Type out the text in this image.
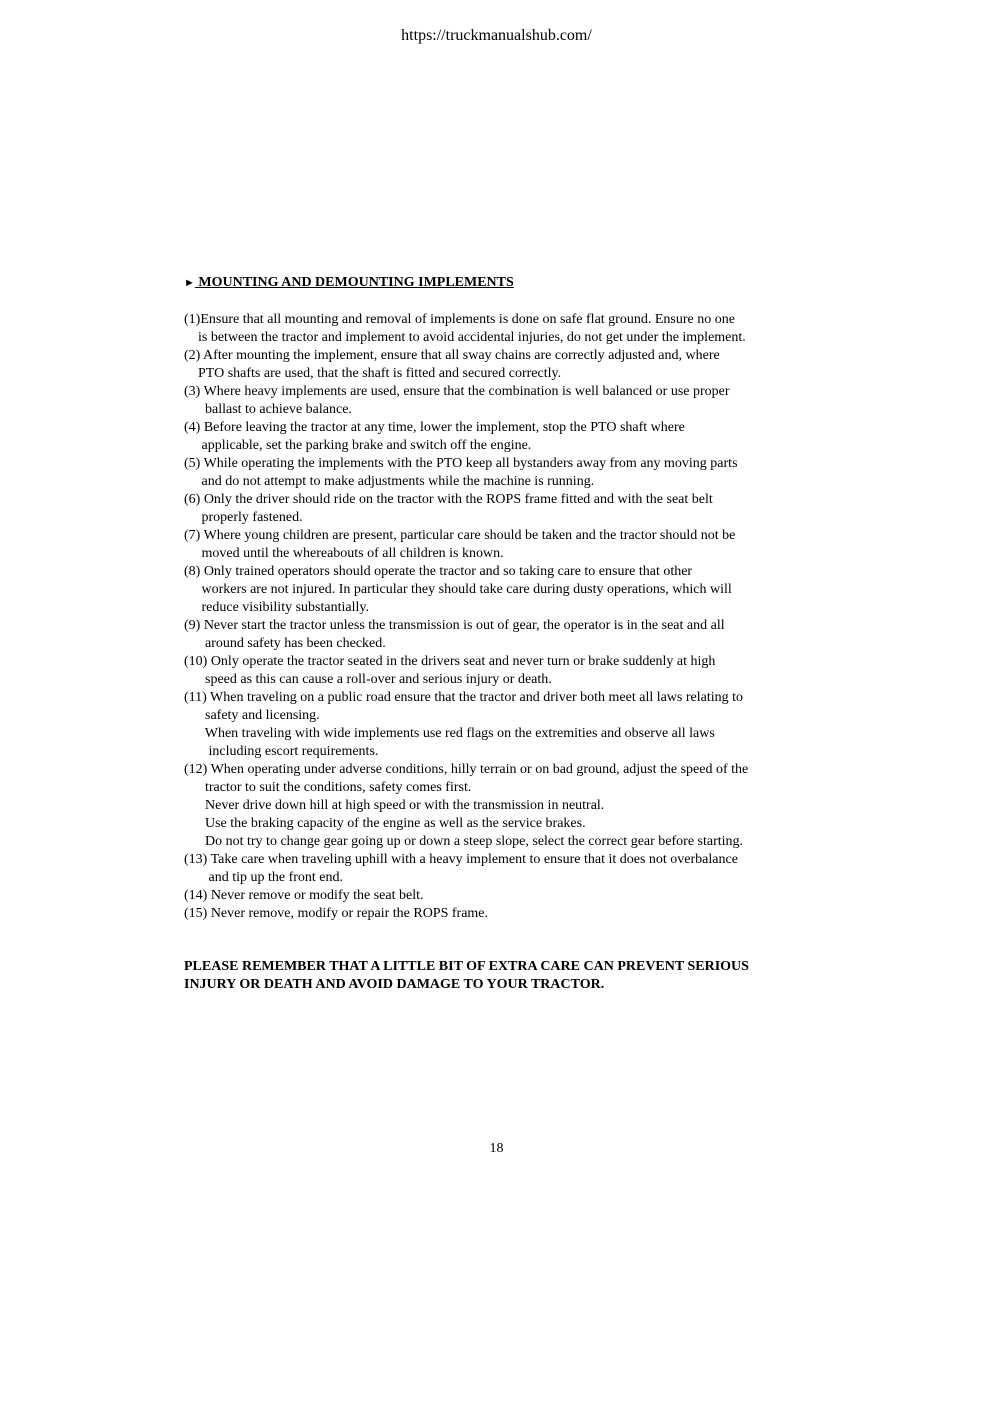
https://truckmanualshub.com/
► MOUNTING AND DEMOUNTING IMPLEMENTS
(1)Ensure that all mounting and removal of implements is done on safe flat ground. Ensure no one
is between the tractor and implement to avoid accidental injuries, do not get under the implement.
(2) After mounting the implement, ensure that all sway chains are correctly adjusted and, where
PTO shafts are used, that the shaft is fitted and secured correctly.
(3) Where heavy implements are used, ensure that the combination is well balanced or use proper
ballast to achieve balance.
(4) Before leaving the tractor at any time, lower the implement, stop the PTO shaft where
applicable, set the parking brake and switch off the engine.
(5) While operating the implements with the PTO keep all bystanders away from any moving parts
and do not attempt to make adjustments while the machine is running.
(6) Only the driver should ride on the tractor with the ROPS frame fitted and with the seat belt
properly fastened.
(7) Where young children are present, particular care should be taken and the tractor should not be
moved until the whereabouts of all children is known.
(8) Only trained operators should operate the tractor and so taking care to ensure that other
workers are not injured. In particular they should take care during dusty operations, which will
reduce visibility substantially.
(9) Never start the tractor unless the transmission is out of gear, the operator is in the seat and all
around safety has been checked.
(10) Only operate the tractor seated in the drivers seat and never turn or brake suddenly at high
speed as this can cause a roll-over and serious injury or death.
(11) When traveling on a public road ensure that the tractor and driver both meet all laws relating to
safety and licensing.
When traveling with wide implements use red flags on the extremities and observe all laws
including escort requirements.
(12) When operating under adverse conditions, hilly terrain or on bad ground, adjust the speed of the
tractor to suit the conditions, safety comes first.
Never drive down hill at high speed or with the transmission in neutral.
Use the braking capacity of the engine as well as the service brakes.
Do not try to change gear going up or down a steep slope, select the correct gear before starting.
(13) Take care when traveling uphill with a heavy implement to ensure that it does not overbalance
and tip up the front end.
(14) Never remove or modify the seat belt.
(15) Never remove, modify or repair the ROPS frame.
PLEASE REMEMBER THAT A LITTLE BIT OF EXTRA CARE CAN PREVENT SERIOUS
INJURY OR DEATH AND AVOID DAMAGE TO YOUR TRACTOR.
18
